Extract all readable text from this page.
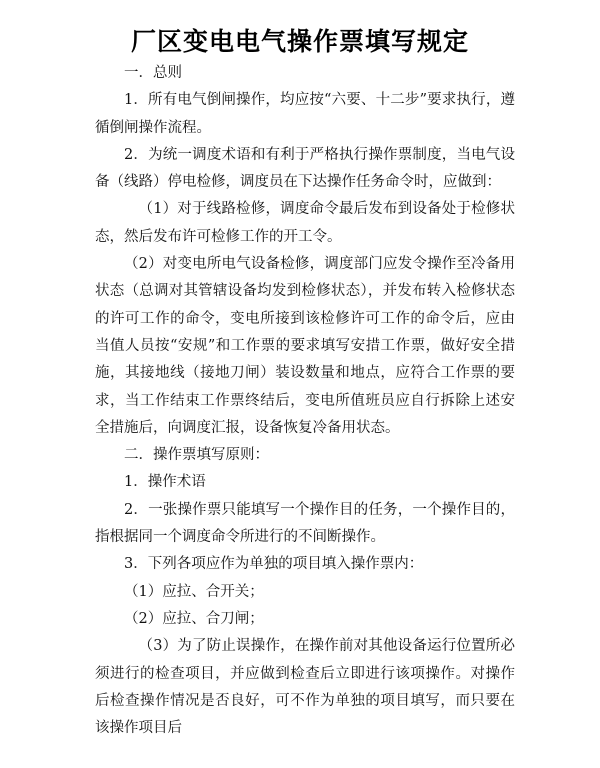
厂区变电电气操作票填写规定

一．总则

1．所有电气倒闸操作，均应按“六要、十二步”要求执行，遵循倒闸操作流程。

2．为统一调度术语和有利于严格执行操作票制度，当电气设备（线路）停电检修，调度员在下达操作任务命令时，应做到：

（1）对于线路检修，调度命令最后发布到设备处于检修状态，然后发布许可检修工作的开工令。

（2）对变电所电气设备检修，调度部门应发令操作至冷备用状态（总调对其管辖设备均发到检修状态），并发布转入检修状态的许可工作的命令，变电所接到该检修许可工作的命令后，应由当值人员按“安规”和工作票的要求填写安措工作票，做好安全措施，其接地线（接地刀闸）装设数量和地点，应符合工作票的要求，当工作结束工作票终结后，变电所值班员应自行拆除上述安全措施后，向调度汇报，设备恢复冷备用状态。

二．操作票填写原则：

1．操作术语

2．一张操作票只能填写一个操作目的任务，一个操作目的，指根据同一个调度命令所进行的不间断操作。

3．下列各项应作为单独的项目填入操作票内：

（1）应拉、合开关；

（2）应拉、合刀闸；

（3）为了防止误操作，在操作前对其他设备运行位置所必须进行的检查项目，并应做到检查后立即进行该项操作。对操作后检查操作情况是否良好，可不作为单独的项目填写，而只要在该操作项目后
